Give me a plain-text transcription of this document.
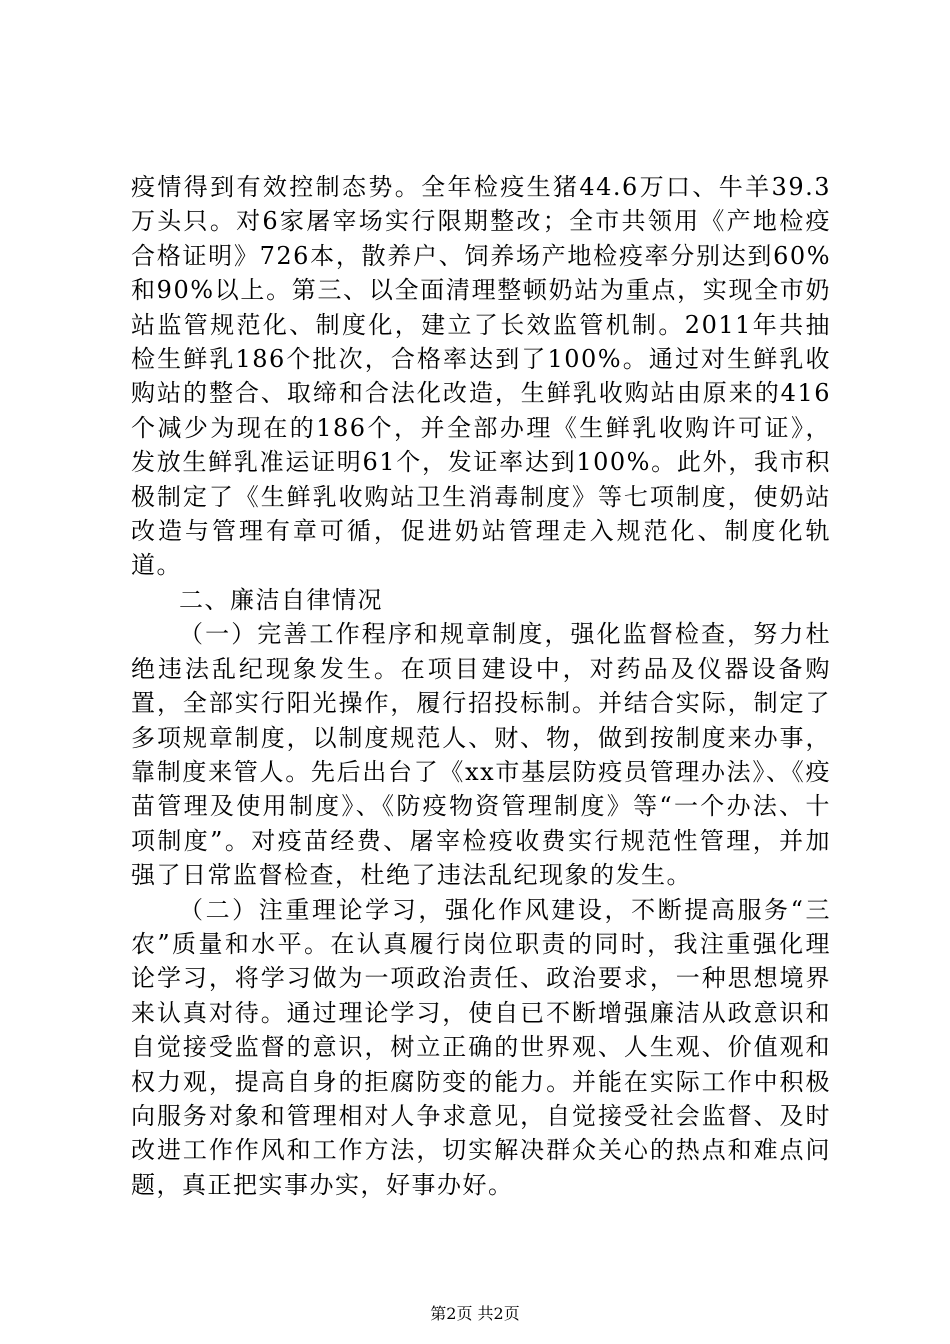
疫情得到有效控制态势。全年检疫生猪44.6万口、牛羊39.3万头只。对6家屠宰场实行限期整改；全市共领用《产地检疫合格证明》726本，散养户、饲养场产地检疫率分别达到60%和90%以上。第三、以全面清理整顿奶站为重点，实现全市奶站监管规范化、制度化，建立了长效监管机制。2011年共抽检生鲜乳186个批次，合格率达到了100%。通过对生鲜乳收购站的整合、取缔和合法化改造，生鲜乳收购站由原来的416个减少为现在的186个，并全部办理《生鲜乳收购许可证》，发放生鲜乳准运证明61个，发证率达到100%。此外，我市积极制定了《生鲜乳收购站卫生消毒制度》等七项制度，使奶站改造与管理有章可循，促进奶站管理走入规范化、制度化轨道。

二、廉洁自律情况

（一）完善工作程序和规章制度，强化监督检查，努力杜绝违法乱纪现象发生。在项目建设中，对药品及仪器设备购置，全部实行阳光操作，履行招投标制。并结合实际，制定了多项规章制度，以制度规范人、财、物，做到按制度来办事，靠制度来管人。先后出台了《xx市基层防疫员管理办法》、《疫苗管理及使用制度》、《防疫物资管理制度》等“一个办法、十项制度”。对疫苗经费、屠宰检疫收费实行规范性管理，并加强了日常监督检查，杜绝了违法乱纪现象的发生。

（二）注重理论学习，强化作风建设，不断提高服务“三农”质量和水平。在认真履行岗位职责的同时，我注重强化理论学习，将学习做为一项政治责任、政治要求，一种思想境界来认真对待。通过理论学习，使自已不断增强廉洁从政意识和自觉接受监督的意识，树立正确的世界观、人生观、价值观和权力观，提高自身的拒腐防变的能力。并能在实际工作中积极向服务对象和管理相对人争求意见，自觉接受社会监督、及时改进工作作风和工作方法，切实解决群众关心的热点和难点问题，真正把实事办实，好事办好。

第2页 共2页
